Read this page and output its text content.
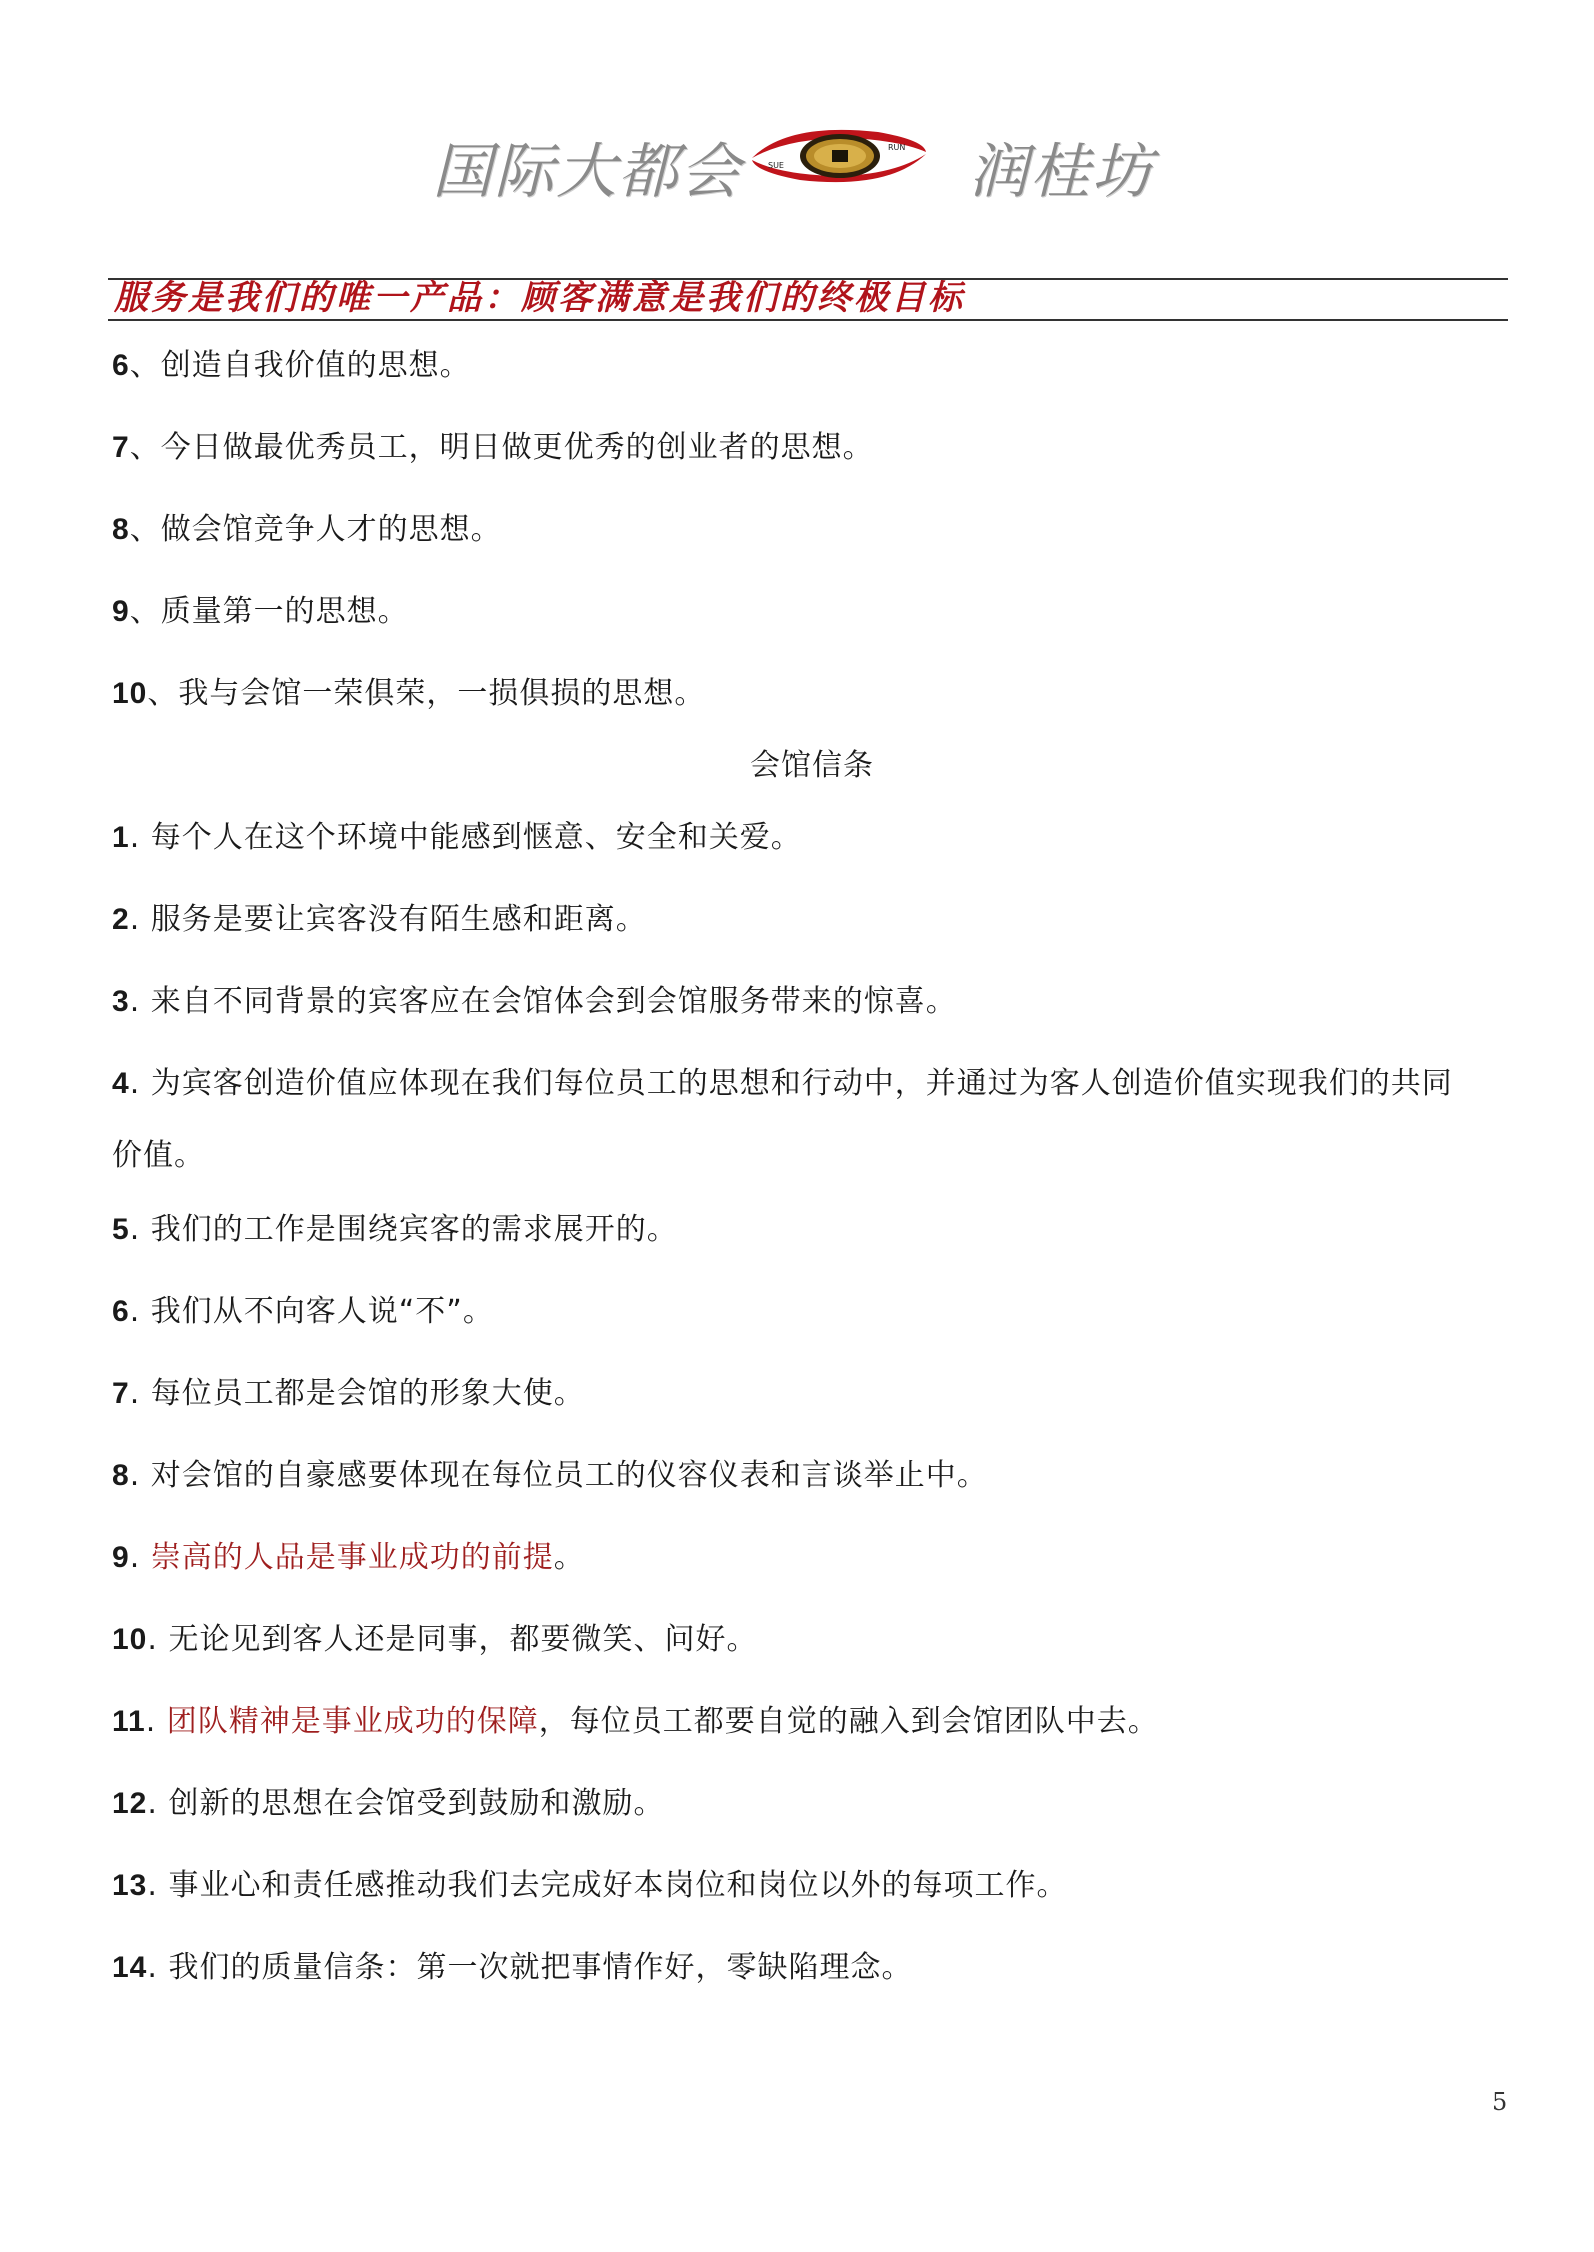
国际大都会	SUE
RUN 润桂坊
服务是我们的唯一产品：顾客满意是我们的终极目标
6、创造自我价值的思想。
7、今日做最优秀员工，明日做更优秀的创业者的思想。
8、做会馆竞争人才的思想。
9、质量第一的思想。
10、我与会馆一荣俱荣，一损俱损的思想。
会馆信条
1. 每个人在这个环境中能感到惬意、安全和关爱。
2. 服务是要让宾客没有陌生感和距离。
3. 来自不同背景的宾客应在会馆体会到会馆服务带来的惊喜。
4. 为宾客创造价值应体现在我们每位员工的思想和行动中，并通过为客人创造价值实现我们的共同
价值。
5. 我们的工作是围绕宾客的需求展开的。
6. 我们从不向客人说“不”。
7. 每位员工都是会馆的形象大使。
8. 对会馆的自豪感要体现在每位员工的仪容仪表和言谈举止中。
9. 崇高的人品是事业成功的前提。
10. 无论见到客人还是同事，都要微笑、问好。
11. 团队精神是事业成功的保障，每位员工都要自觉的融入到会馆团队中去。
12. 创新的思想在会馆受到鼓励和激励。
13. 事业心和责任感推动我们去完成好本岗位和岗位以外的每项工作。
14. 我们的质量信条：第一次就把事情作好，零缺陷理念。
5
